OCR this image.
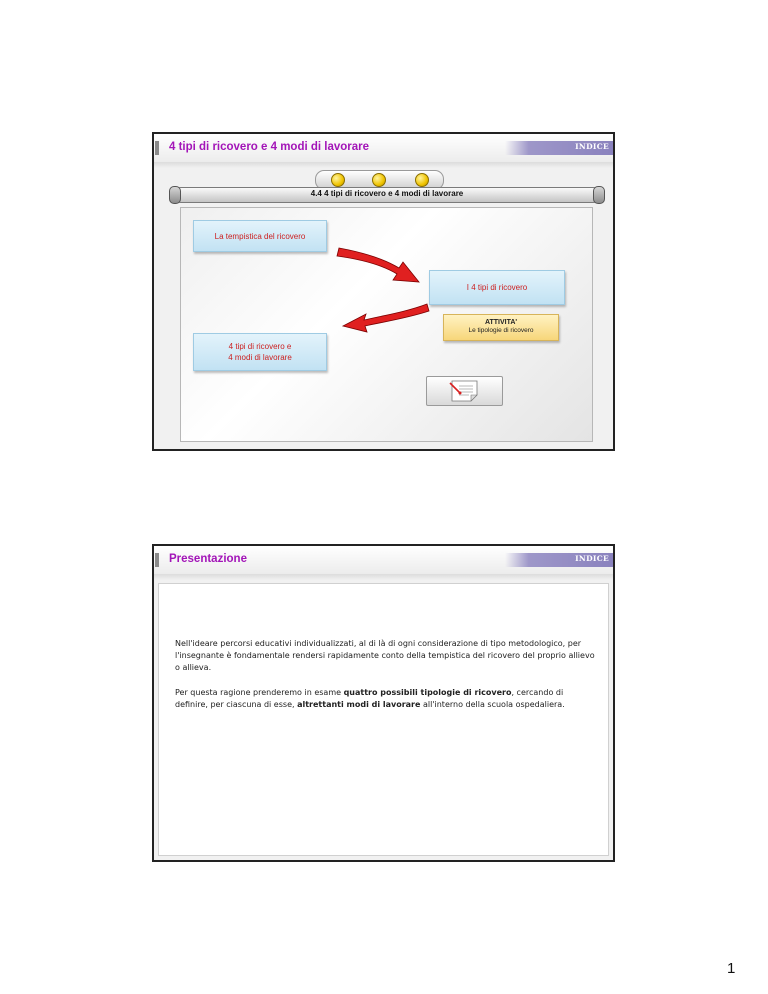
4 tipi di ricovero e 4 modi di lavorare	INDICE
4.4 4 tipi di ricovero e 4 modi di lavorare
La tempistica del ricovero
I 4 tipi di ricovero
4 tipi di ricovero e
4 modi di lavorare
ATTIVITA'
Le tipologie di ricovero
Presentazione	INDICE
Nell'ideare percorsi educativi individualizzati, al di là di ogni considerazione di tipo metodologico, per l'insegnante è fondamentale rendersi rapidamente conto della tempistica del ricovero del proprio allievo o allieva.
Per questa ragione prenderemo in esame quattro possibili tipologie di ricovero, cercando di definire, per ciascuna di esse, altrettanti modi di lavorare all'interno della scuola ospedaliera.
1
